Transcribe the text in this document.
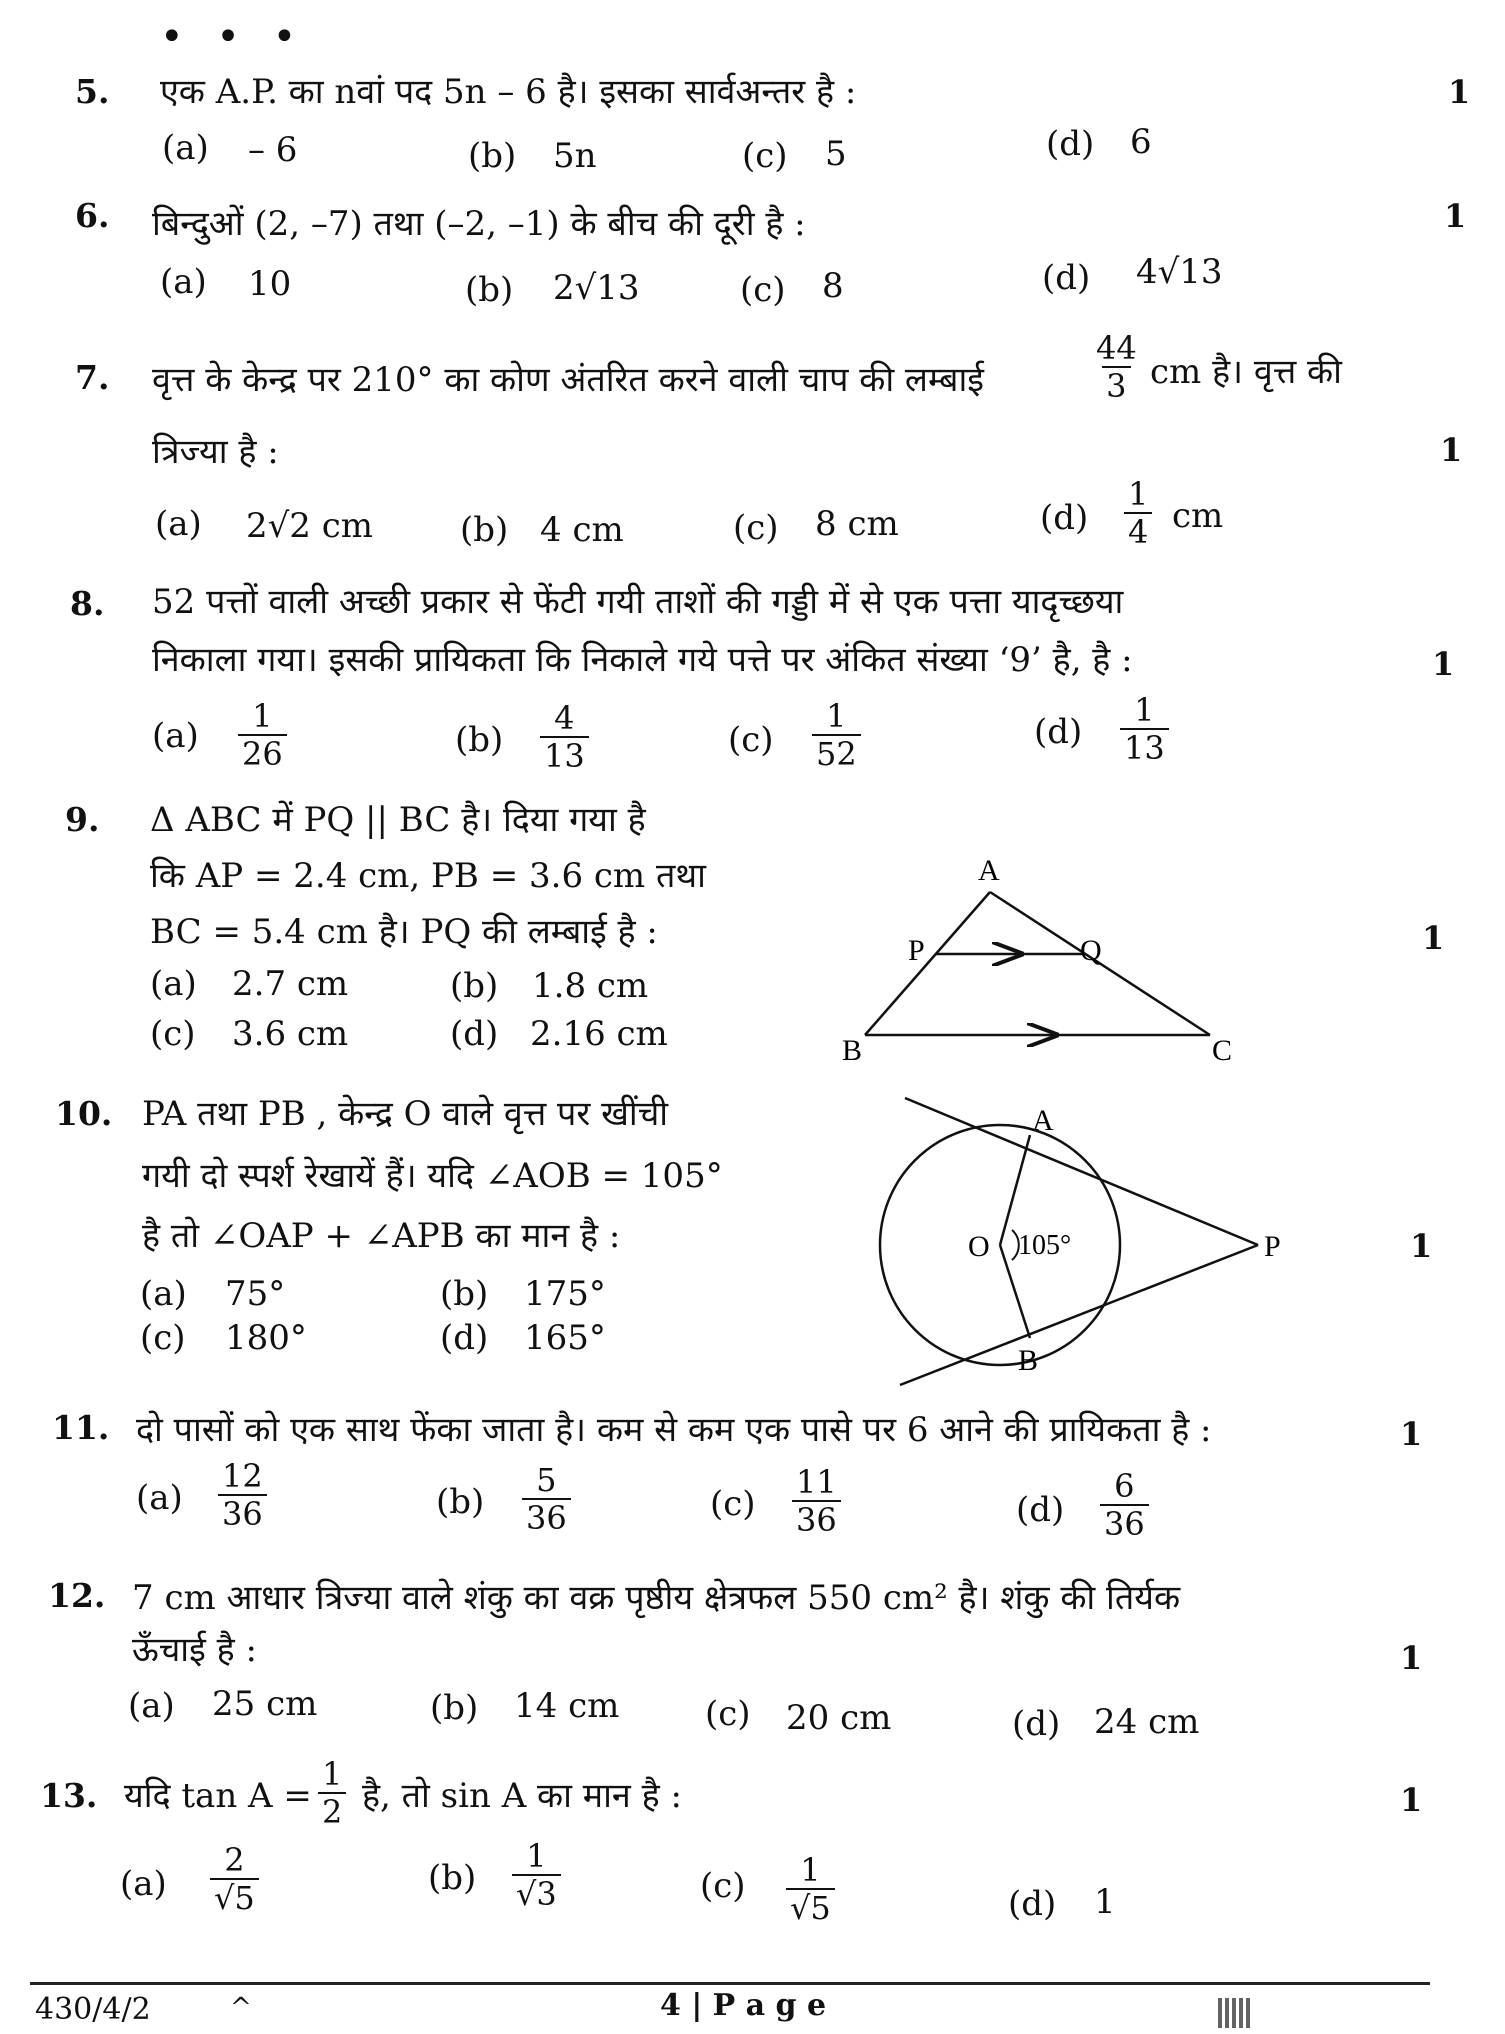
• • •
5. एक A.P. का nवां पद 5n – 6 है। इसका सार्वअन्तर है :	1
(a) – 6	(b) 5n	(c) 5	(d) 6
6. बिन्दुओं (2, –7) तथा (–2, –1) के बीच की दूरी है :	1
(a) 10	(b) 2√13	(c) 8	(d) 4√13
7. वृत्त के केन्द्र पर 210° का कोण अंतरित करने वाली चाप की लम्बाई	$\frac{44}{3}$ cm है। वृत्त की
त्रिज्या है :	1
(a) 2√2 cm	(b) 4 cm	(c) 8 cm	$(d) \frac{1}{4}$ cm
8. 52 पत्तों वाली अच्छी प्रकार से फेंटी गयी ताशों की गड्डी में से एक पत्ता यादृच्छया
निकाला गया। इसकी प्रायिकता कि निकाले गये पत्ते पर अंकित संख्या ‘9’ है, है :	1
$(a) \frac{1}{26}$	$(b) \frac{4}{13}$	$(c) \frac{1}{52}$	$(d) \frac{1}{13}$
9. Δ ABC में PQ || BC है। दिया गया है
कि AP = 2.4 cm, PB = 3.6 cm तथा
BC = 5.4 cm है। PQ की लम्बाई है :	1
(a) 2.7 cm	(b) 1.8 cm
(c) 3.6 cm	(d) 2.16 cm
A
B	C
P	Q
10. PA तथा PB , केन्द्र O वाले वृत्त पर खींची
गयी दो स्पर्श रेखायें हैं। यदि ∠AOB = 105°
है तो ∠OAP + ∠APB का मान है :	1
(a) 75°	(b) 175°
(c) 180°	(d) 165°
A
B
O 105°	P
11. दो पासों को एक साथ फेंका जाता है। कम से कम एक पासे पर 6 आने की प्रायिकता है :	1
$(a) \frac{12}{36}$	$(b) \frac{5}{36}$	$(c) \frac{11}{36}$	$(d) \frac{6}{36}$
12. 7 cm आधार त्रिज्या वाले शंकु का वक्र पृष्ठीय क्षेत्रफल 550 cm² है। शंकु की तिर्यक
ऊँचाई है :	1
(a) 25 cm	(b) 14 cm	(c) 20 cm	(d) 24 cm
13. यदि $\tan A = \frac{1}{2}$ है, तो sin A का मान है :	1
$(a) \frac{2}{√5}$	$(b) \frac{1}{√3}$	$(c) \frac{1}{√5}$	(d) 1
430/4/2	^	4 | P a g e
